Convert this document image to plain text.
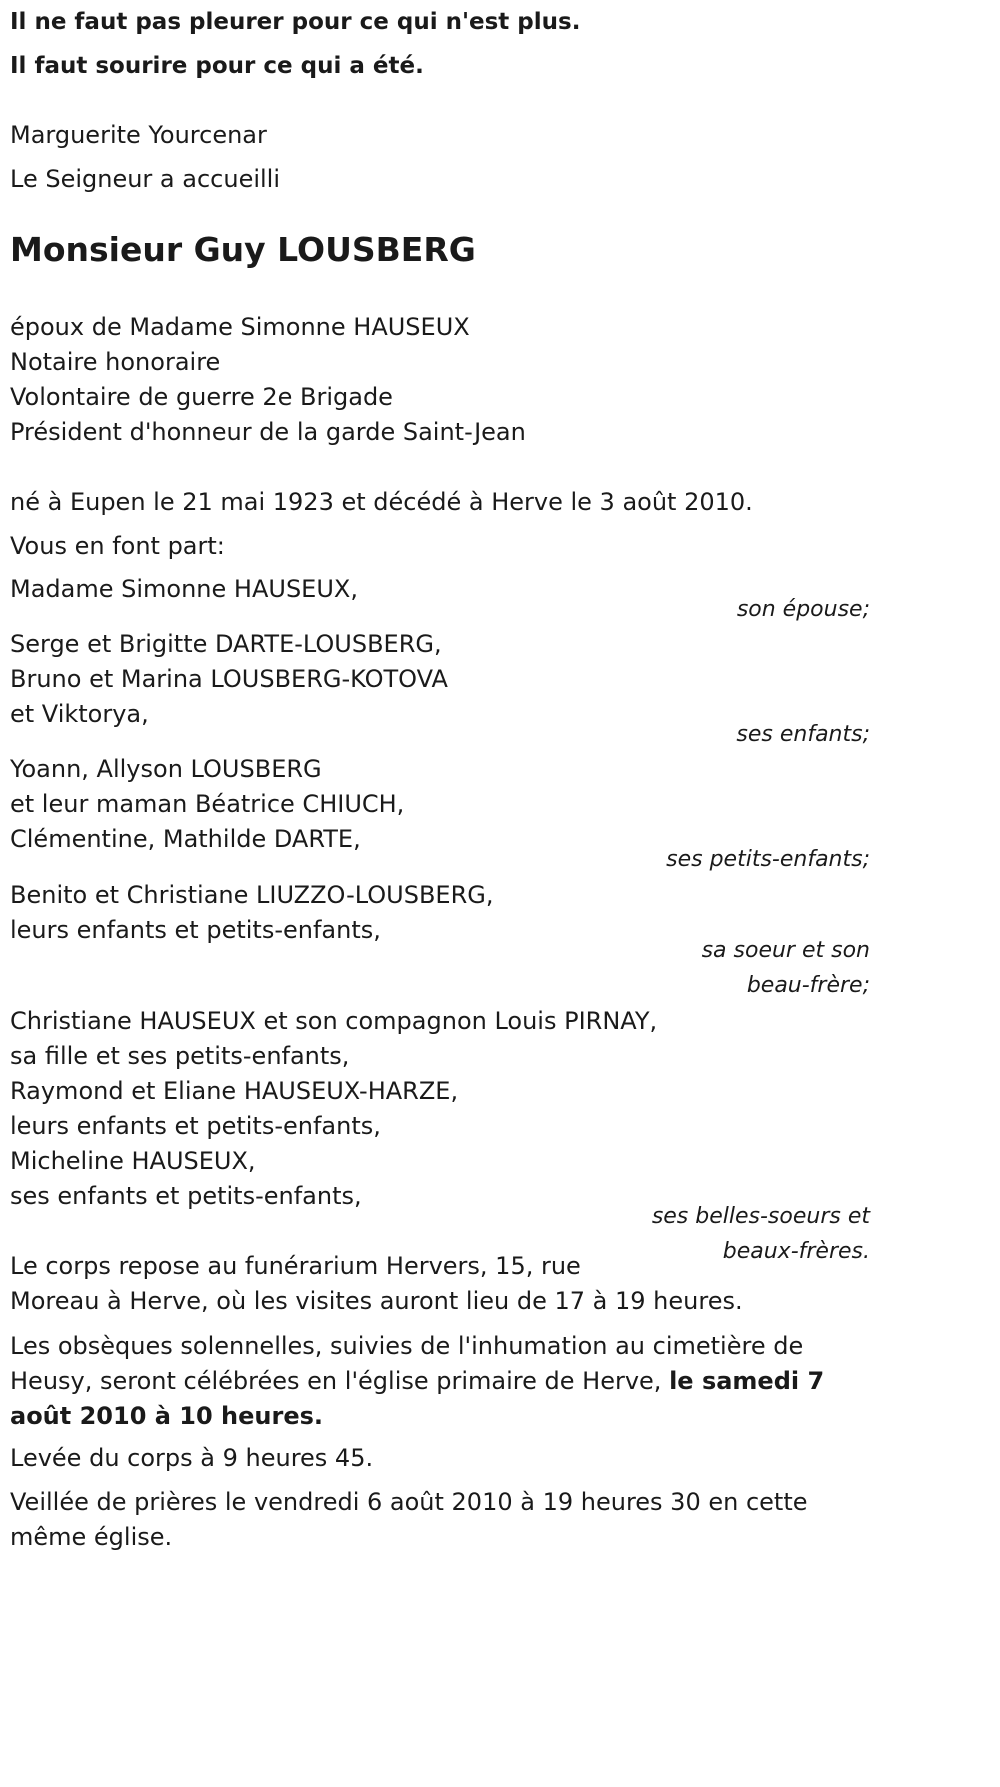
Il ne faut pas pleurer pour ce qui n'est plus.
Il faut sourire pour ce qui a été.
Marguerite Yourcenar
Le Seigneur a accueilli
Monsieur Guy LOUSBERG
époux de Madame Simonne HAUSEUX
Notaire honoraire
Volontaire de guerre 2e Brigade
Président d'honneur de la garde Saint-Jean
né à Eupen le 21 mai 1923 et décédé à Herve le 3 août 2010.
Vous en font part:
Madame Simonne HAUSEUX,
son épouse;
Serge et Brigitte DARTE-LOUSBERG,
Bruno et Marina LOUSBERG-KOTOVA
et Viktorya,
ses enfants;
Yoann, Allyson LOUSBERG
et leur maman Béatrice CHIUCH,
Clémentine, Mathilde DARTE,
ses petits-enfants;
Benito et Christiane LIUZZO-LOUSBERG,
leurs enfants et petits-enfants,
sa soeur et son
beau-frère;
Christiane HAUSEUX et son compagnon Louis PIRNAY,
sa fille et ses petits-enfants,
Raymond et Eliane HAUSEUX-HARZE,
leurs enfants et petits-enfants,
Micheline HAUSEUX,
ses enfants et petits-enfants,
ses belles-soeurs et
beaux-frères.
Le corps repose au funérarium Hervers, 15, rue
Moreau à Herve, où les visites auront lieu de 17 à 19 heures.
Les obsèques solennelles, suivies de l'inhumation au cimetière de Heusy, seront célébrées en l'église primaire de Herve, le samedi 7 août 2010 à 10 heures.
Levée du corps à 9 heures 45.
Veillée de prières le vendredi 6 août 2010 à 19 heures 30 en cette même église.
